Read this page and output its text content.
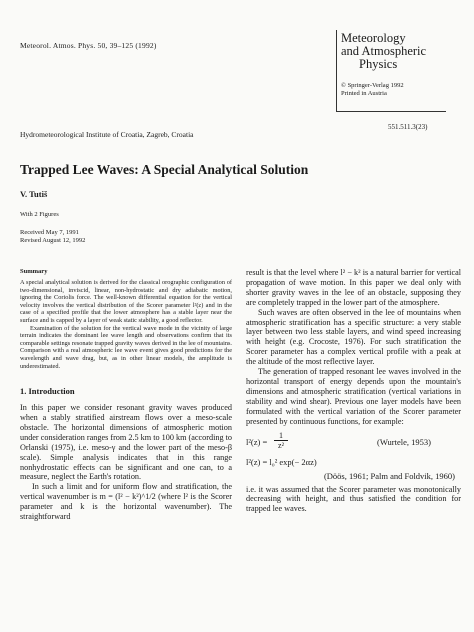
Meteorol. Atmos. Phys. 50, 39–125 (1992)
Meteorology
and Atmospheric
Physics
© Springer-Verlag 1992
Printed in Austria
551.511.3(23)
Hydrometeorological Institute of Croatia, Zagreb, Croatia
Trapped Lee Waves: A Special Analytical Solution
V. Tutiš
With 2 Figures
Received May 7, 1991
Revised August 12, 1992
Summary

A special analytical solution is derived for the classical orographic configuration of two-dimensional, inviscid, linear, non-hydrostatic and dry adiabatic motion, ignoring the Coriolis force. The well-known differential equation for the vertical velocity involves the vertical distribution of the Scorer parameter l²(z) and in the case of a specified profile that the lower atmosphere has a stable layer near the surface and is capped by a layer of weak static stability, a good reflector.

Examination of the solution for the vertical wave mode in the vicinity of large terrain indicates the dominant lee wave length and observations confirm that its comparable settings resonate trapped gravity waves derived in the lee of mountains. Comparison with a real atmospheric lee wave event gives good predictions for the wavelength and wave drag, but, as in other linear models, the amplitude is underestimated.

1. Introduction

In this paper we consider resonant gravity waves produced when a stably stratified airstream flows over a meso-scale obstacle. The horizontal dimensions of atmospheric motion under consideration ranges from 2.5 km to 100 km (according to Orlanski (1975), i.e. meso-γ and the lower part of the meso-β scale). Simple analysis indicates that in this range nonhydrostatic effects can be significant and one can, to a measure, neglect the Earth's rotation.

In such a limit and for uniform flow and stratification, the vertical wavenumber is m = (l² − k²)^1/2 (where l² is the Scorer parameter and k is the horizontal wavenumber). The straightforward

result is that the level where l² − k² is a natural barrier for vertical propagation of wave motion. In this paper we deal only with shorter gravity waves in the lee of an obstacle, supposing they are completely trapped in the lower part of the atmosphere.

Such waves are often observed in the lee of mountains when atmospheric stratification has a specific structure: a very stable layer between two less stable layers, and wind speed increasing with height (e.g. Crocoste, 1976). For such stratification the Scorer parameter has a complex vertical profile with a peak at the altitude of the most reflective layer.

The generation of trapped resonant lee waves involved in the horizontal transport of energy depends upon the mountain's dimensions and atmospheric stratification (vertical variations in stability and wind shear). Previous one layer models have been formulated with the vertical variation of the Scorer parameter presented by continuous functions, for example:

$l^2(z) = \frac{1}{\text{z²}}$	(Wurtele, 1953)
l²(z) = l₀² exp(− 2αz)
(Döös, 1961; Palm and Foldvik, 1960)

i.e. it was assumed that the Scorer parameter was monotonically decreasing with height, and thus satisfied the condition for trapped lee waves.
